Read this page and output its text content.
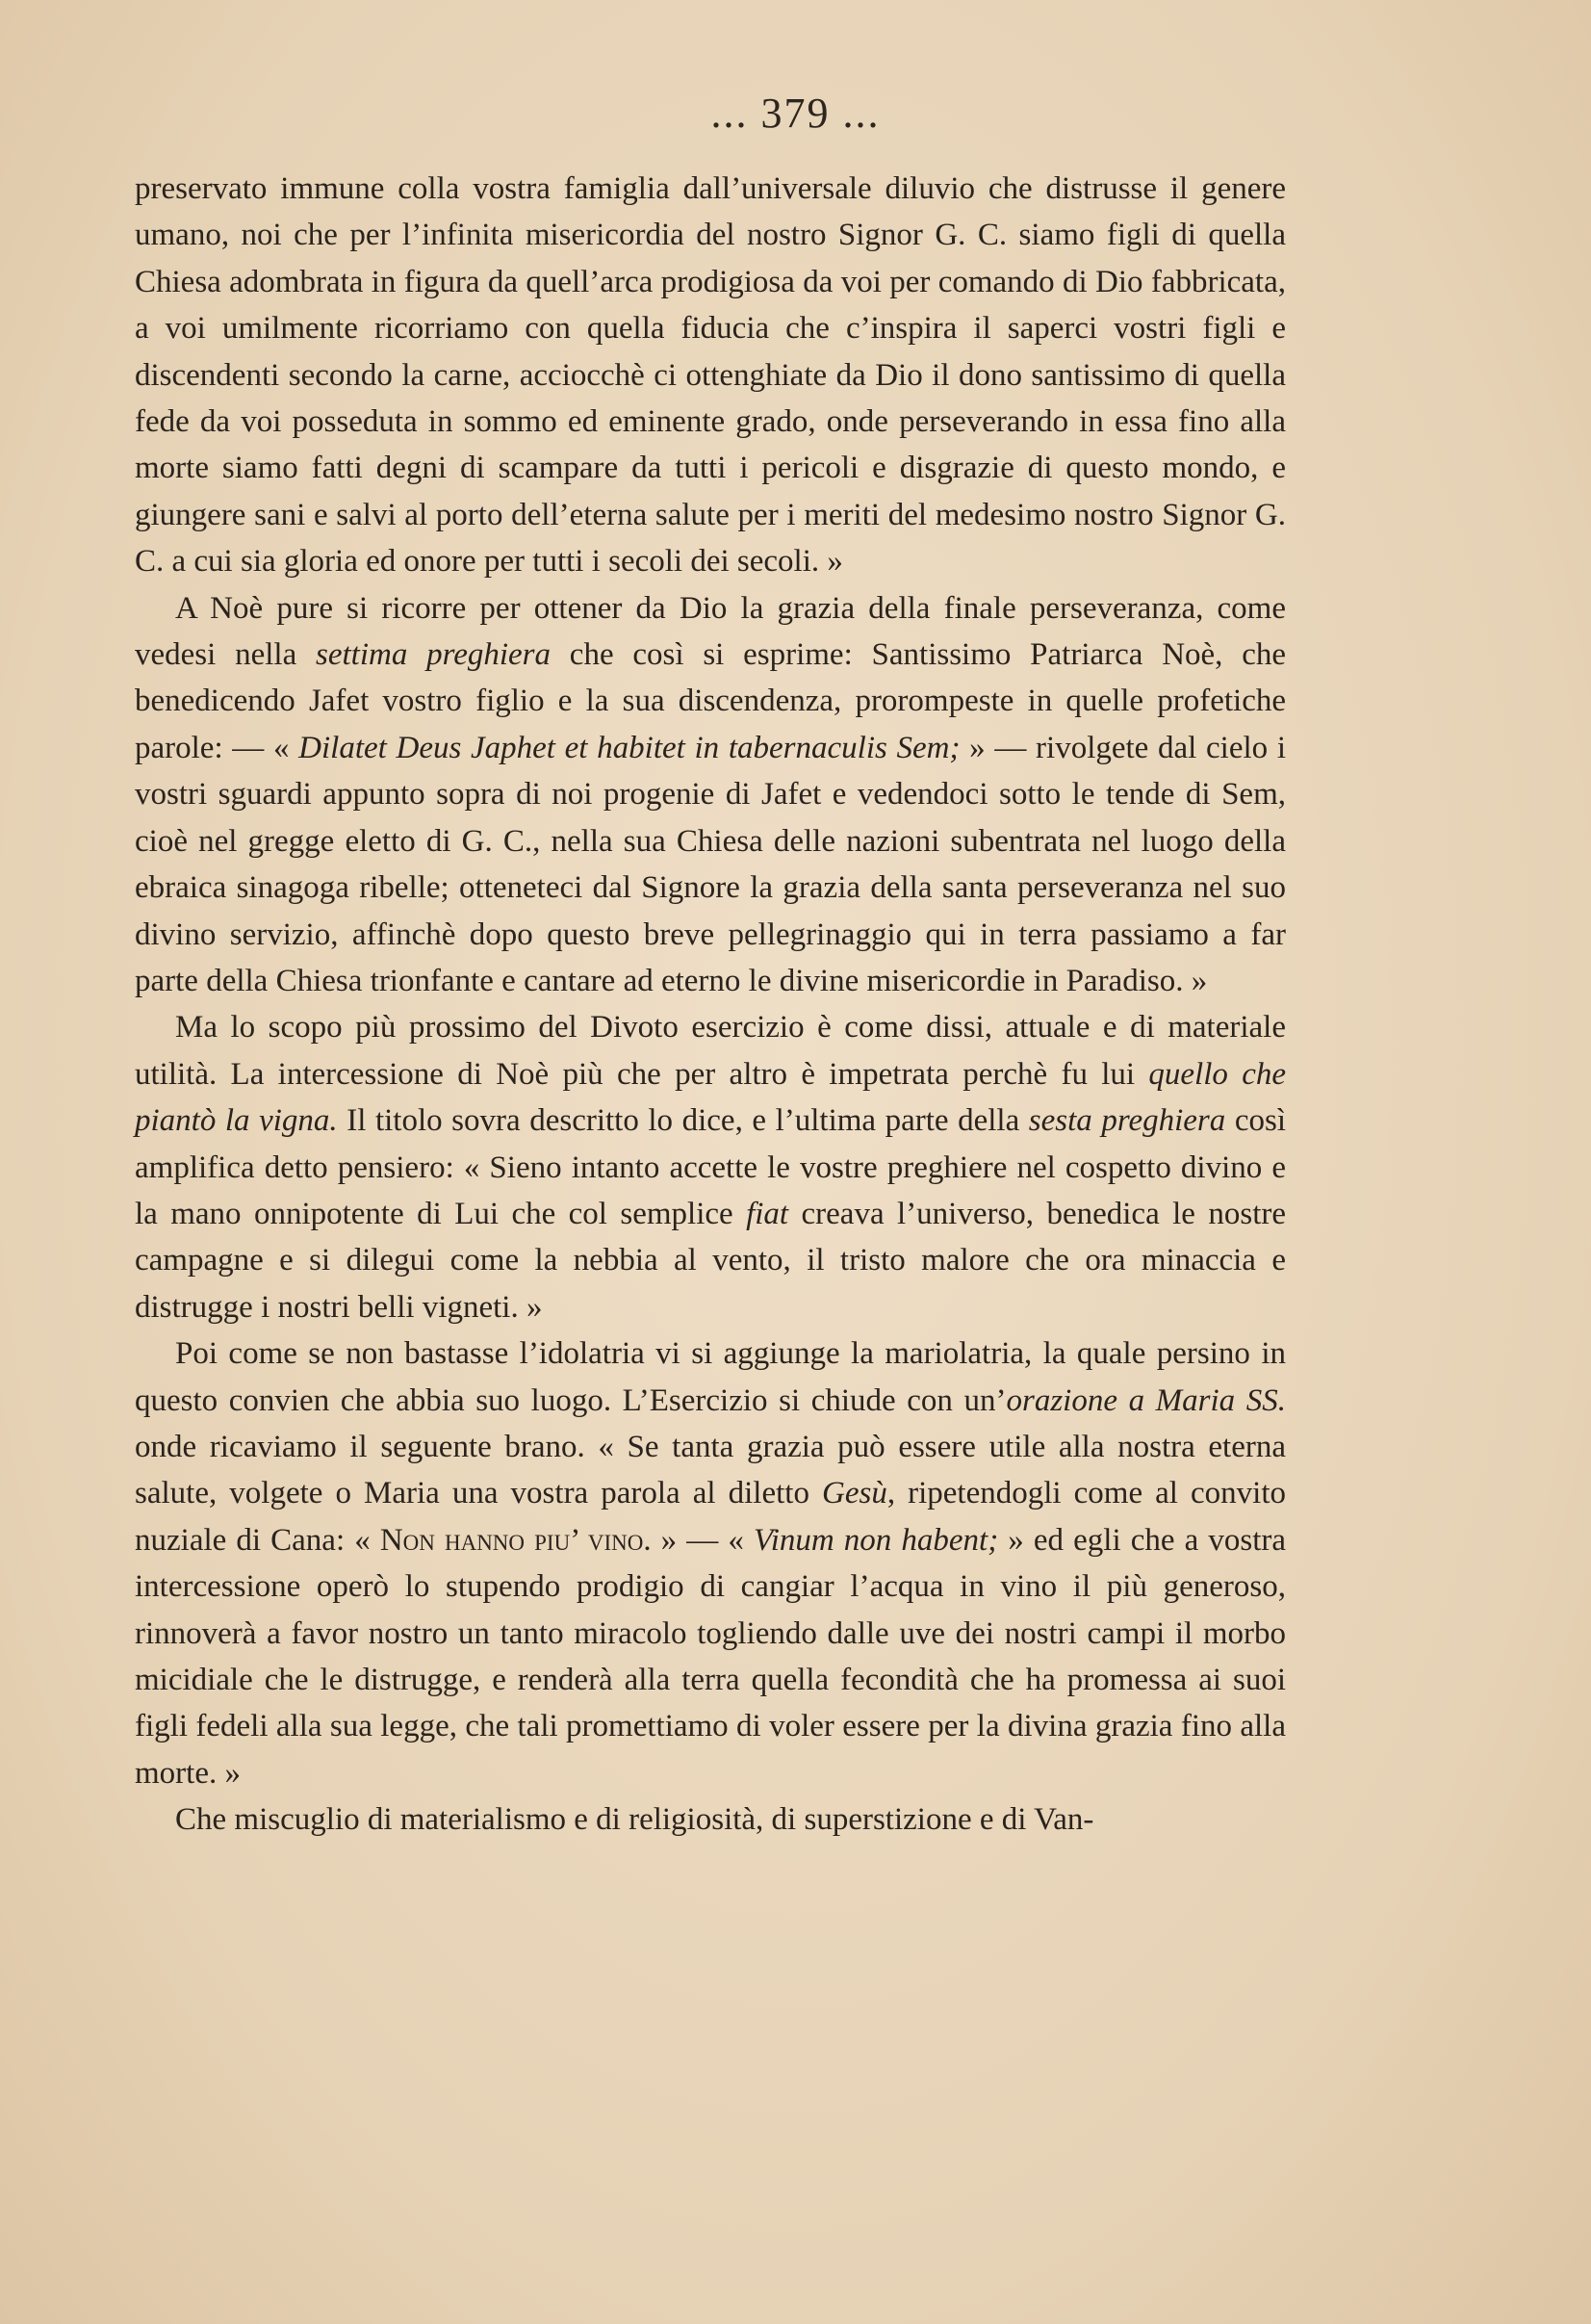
... 379 ...

preservato immune colla vostra famiglia dall’universale diluvio che distrusse il genere umano, noi che per l’infinita misericordia del nostro Signor G. C. siamo figli di quella Chiesa adombrata in figura da quell’arca prodigiosa da voi per comando di Dio fabbricata, a voi umilmente ricorriamo con quella fiducia che c’inspira il saperci vostri figli e discendenti secondo la carne, acciocchè ci ottenghiate da Dio il dono santissimo di quella fede da voi posseduta in sommo ed eminente grado, onde perseverando in essa fino alla morte siamo fatti degni di scampare da tutti i pericoli e disgrazie di questo mondo, e giungere sani e salvi al porto dell’eterna salute per i meriti del medesimo nostro Signor G. C. a cui sia gloria ed onore per tutti i secoli dei secoli. »

A Noè pure si ricorre per ottener da Dio la grazia della finale perseveranza, come vedesi nella settima preghiera che così si esprime: Santissimo Patriarca Noè, che benedicendo Jafet vostro figlio e la sua discendenza, prorompeste in quelle profetiche parole: — « Dilatet Deus Japhet et habitet in tabernaculis Sem; » — rivolgete dal cielo i vostri sguardi appunto sopra di noi progenie di Jafet e vedendoci sotto le tende di Sem, cioè nel gregge eletto di G. C., nella sua Chiesa delle nazioni subentrata nel luogo della ebraica sinagoga ribelle; otteneteci dal Signore la grazia della santa perseveranza nel suo divino servizio, affinchè dopo questo breve pellegrinaggio qui in terra passiamo a far parte della Chiesa trionfante e cantare ad eterno le divine misericordie in Paradiso. »

Ma lo scopo più prossimo del Divoto esercizio è come dissi, attuale e di materiale utilità. La intercessione di Noè più che per altro è impetrata perchè fu lui quello che piantò la vigna. Il titolo sovra descritto lo dice, e l’ultima parte della sesta preghiera così amplifica detto pensiero: « Sieno intanto accette le vostre preghiere nel cospetto divino e la mano onnipotente di Lui che col semplice fiat creava l’universo, benedica le nostre campagne e si dilegui come la nebbia al vento, il tristo malore che ora minaccia e distrugge i nostri belli vigneti. »

Poi come se non bastasse l’idolatria vi si aggiunge la mariolatria, la quale persino in questo convien che abbia suo luogo. L’Esercizio si chiude con un’orazione a Maria SS. onde ricaviamo il seguente brano. « Se tanta grazia può essere utile alla nostra eterna salute, volgete o Maria una vostra parola al diletto Gesù, ripetendogli come al convito nuziale di Cana: « Non hanno piu’ vino. » — « Vinum non habent; » ed egli che a vostra intercessione operò lo stupendo prodigio di cangiar l’acqua in vino il più generoso, rinnoverà a favor nostro un tanto miracolo togliendo dalle uve dei nostri campi il morbo micidiale che le distrugge, e renderà alla terra quella fecondità che ha promessa ai suoi figli fedeli alla sua legge, che tali promettiamo di voler essere per la divina grazia fino alla morte. »

Che miscuglio di materialismo e di religiosità, di superstizione e di Van-
